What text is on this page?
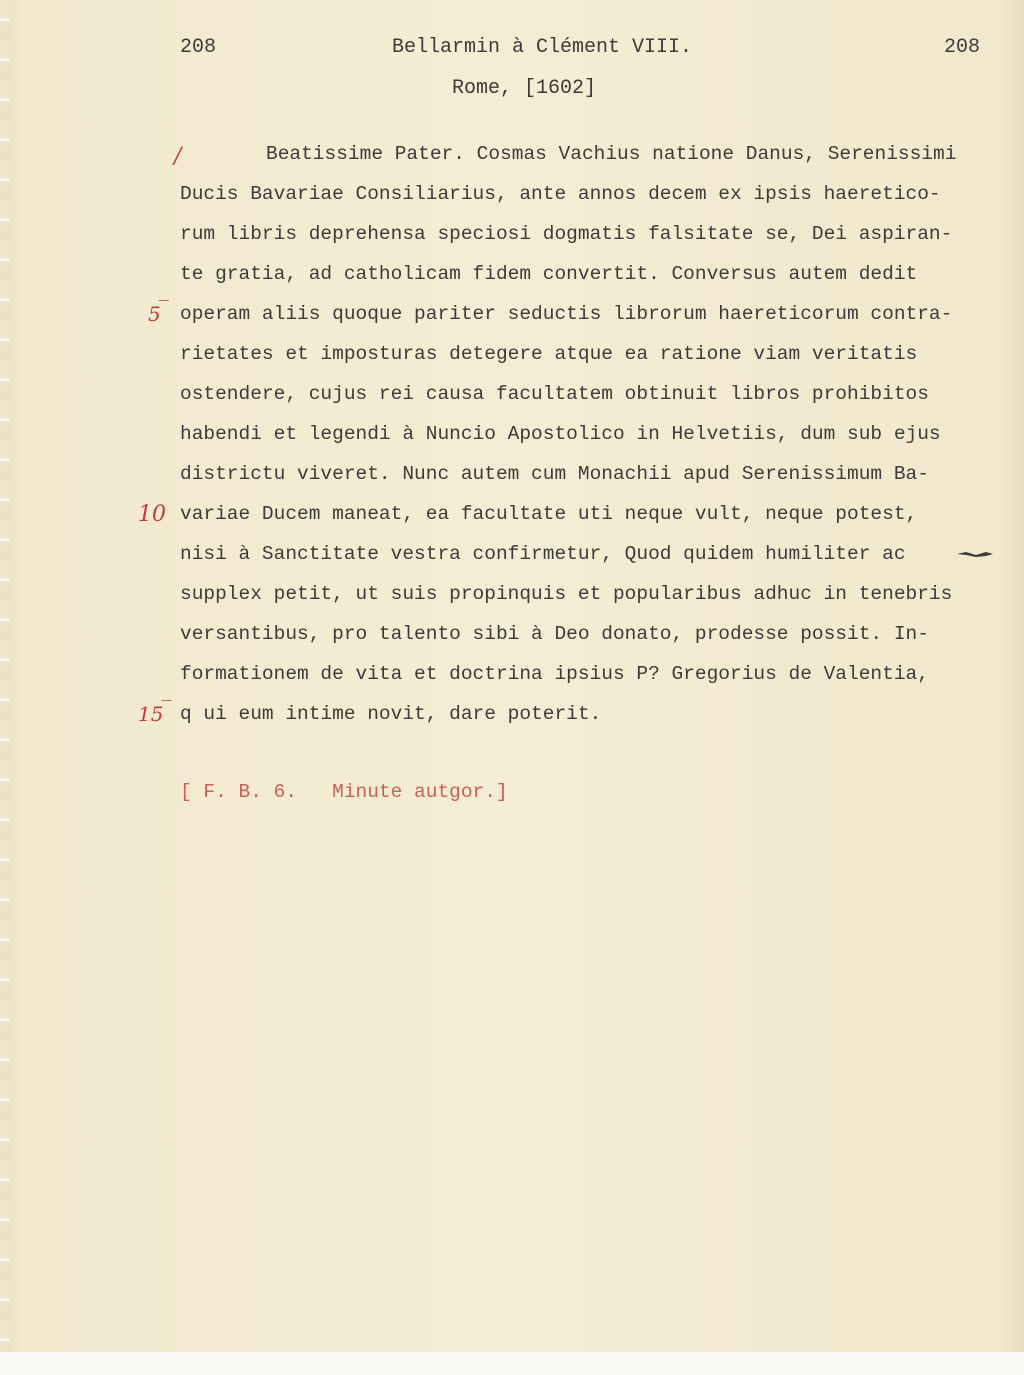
208	Bellarmin à Clément VIII.	208
Rome, [1602]
/
5‾
10
15‾
Beatissime Pater. Cosmas Vachius natione Danus, Serenissimi
Ducis Bavariae Consiliarius, ante annos decem ex ipsis haeretico-
rum libris deprehensa speciosi dogmatis falsitate se, Dei aspiran-
te gratia, ad catholicam fidem convertit. Conversus autem dedit
operam aliis quoque pariter seductis librorum haereticorum contra-
rietates et imposturas detegere atque ea ratione viam veritatis
ostendere, cujus rei causa facultatem obtinuit libros prohibitos
habendi et legendi à Nuncio Apostolico in Helvetiis, dum sub ejus
districtu viveret. Nunc autem cum Monachii apud Serenissimum Ba-
variae Ducem maneat, ea facultate uti neque vult, neque potest,
nisi à Sanctitate vestra confirmetur, Quod quidem humiliter ac
supplex petit, ut suis propinquis et popularibus adhuc in tenebris
versantibus, pro talento sibi à Deo donato, prodesse possit. In-
formationem de vita et doctrina ipsius P? Gregorius de Valentia,
q ui eum intime novit, dare poterit.
[ F. B. 6.   Minute autgor.]
